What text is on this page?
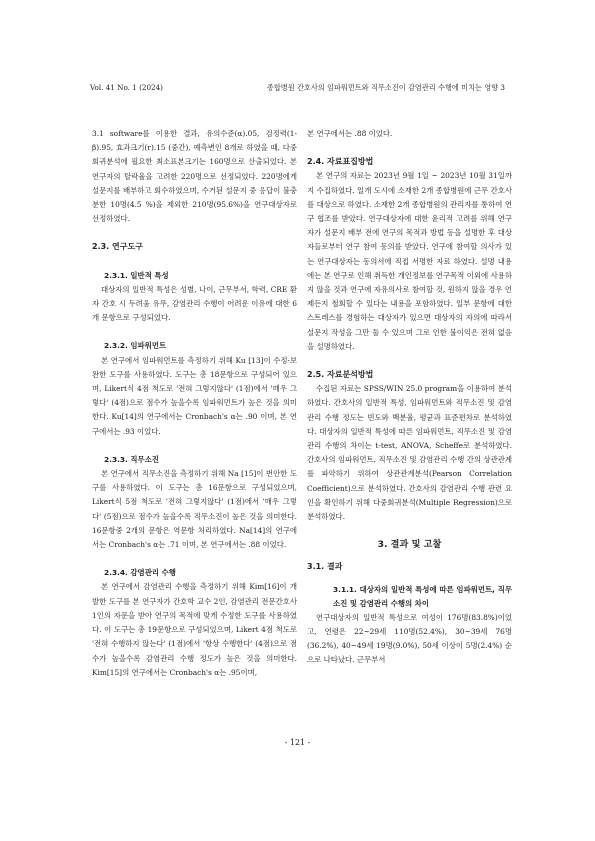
Vol. 41 No. 1 (2024)	종합병원 간호사의 임파워먼트와 직무소진이 감염관리 수행에 미치는 영향 3

3.1 software를 이용한 결과, 유의수준(α).05, 검정력(1-β).95, 효과크기(r).15 (중간), 예측변인 8개로 하였을 때, 다중회귀분석에 필요한 최소표본크기는 160명으로 산출되었다. 본 연구자의 탈락율을 고려한 220명으로 선정되었다. 220명에게 설문지를 배부하고 회수하였으며, 수거된 설문지 중 응답이 불충분한 10명(4.5 %)을 제외한 210명(95.6%)을 연구대상자로 선정하였다.

2.3. 연구도구

2.3.1. 일반적 특성

대상자의 일반적 특성은 성별, 나이, 근무부서, 학력, CRE 환자 간호 시 두려움 유무, 감염관리 수행이 어려운 이유에 대한 6개 문항으로 구성되었다.

2.3.2. 임파워먼트

본 연구에서 임파워먼트를 측정하기 위해 Ku [13]이 수정·보완한 도구를 사용하였다. 도구는 총 18문항으로 구성되어 있으며, Likert식 4점 척도로 '전혀 그렇지않다' (1점)에서 '매우 그렇다' (4점)으로 점수가 높을수록 임파워먼트가 높은 것을 의미한다. Ku[14]의 연구에서는 Cronbach's α는 .90 이며, 본 연구에서는 .93 이었다.

2.3.3. 직무소진

본 연구에서 직무소진을 측정하기 위해 Na [15]이 번안한 도구를 사용하였다. 이 도구는 총 16문항으로 구성되었으며, Likert식 5점 척도로 '전혀 그렇지않다' (1점)에서 '매우 그렇다' (5점)으로 점수가 높을수록 직무소진이 높은 것을 의미한다. 16문항중 2개의 문항은 역문항 처리하였다. Na[14]의 연구에서는 Cronbach's α는 .71 이며, 본 연구에서는 .88 이었다.

2.3.4. 감염관리 수행

본 연구에서 감염관리 수행을 측정하기 위해 Kim[16]이 개발한 도구를 본 연구자가 간호학 교수 2인, 감염관리 전문간호사 1인의 자문을 받아 연구의 목적에 맞게 수정한 도구를 사용하였다. 이 도구는 총 19문항으로 구성되었으며, Likert 4점 척도로 '전혀 수행하지 않는다' (1점)에서 '항상 수행한다' (4점)으로 점수가 높을수록 감염관리 수행 정도가 높은 것을 의미한다. Kim[15]의 연구에서는 Cronbach's α는 .95이며,

본 연구에서는 .88 이었다.

2.4. 자료표집방법

본 연구의 자료는 2023년 9월 1일 ~ 2023년 10월 31일까지 수집하였다. 일개 도시에 소재한 2개 종합병원에 근무 간호사를 대상으로 하였다. 소재한 2개 종합병원의 관리자를 통하여 연구 협조를 받았다. 연구대상자에 대한 윤리적 고려를 위해 연구자가 설문지 배부 전에 연구의 목적과 방법 등을 설명한 후 대상자들로부터 연구 참여 동의를 받았다. 연구에 참여할 의사가 있는 연구대상자는 동의서에 직접 서명한 자료 하였다. 설명 내용에는 본 연구로 인해 취득한 개인정보를 연구목적 이외에 사용하지 않을 것과 연구에 자유의사로 참여할 것, 원하지 않을 경우 언제든지 철회할 수 있다는 내용을 포함하였다. 일부 문항에 대한 스트레스를 경험하는 대상자가 있으면 대상자의 자의에 따라서 설문지 작성을 그만 둘 수 있으며 그로 인한 불이익은 전혀 없음을 설명하였다.

2.5. 자료분석방법

수집된 자료는 SPSS/WIN 25.0 program을 이용하여 분석하였다. 간호사의 일반적 특성, 임파워먼트와 직무소진 및 감염관리 수행 정도는 빈도와 백분율, 평균과 표준편차로 분석하였다. 대상자의 일반적 특성에 따른 임파워먼트, 직무소진 및 감염관리 수행의 차이는 t-test, ANOVA, Scheffe로 분석하였다. 간호사의 임파워먼트, 직무소진 및 감염관리 수행 간의 상관관계를 파악하기 위하여 상관관계분석(Pearson Correlation Coefficient)으로 분석하였다. 간호사의 감염관리 수행 관련 요인을 확인하기 위해 다중회귀분석(Multiple Regression)으로 분석하였다.

3. 결과 및 고찰

3.1. 결과

3.1.1. 대상자의 일반적 특성에 따른 임파워먼트, 직무소진 및 감염관리 수행의 차이

연구대상자의 일반적 특성으로 여성이 176명(83.8%)이었고, 연령은 22~29세 110명(52.4%), 30~39세 76명(36.2%), 40~49세 19명(9.0%), 50세 이상이 5명(2.4%) 순으로 나타났다. 근무부서

- 121 -
